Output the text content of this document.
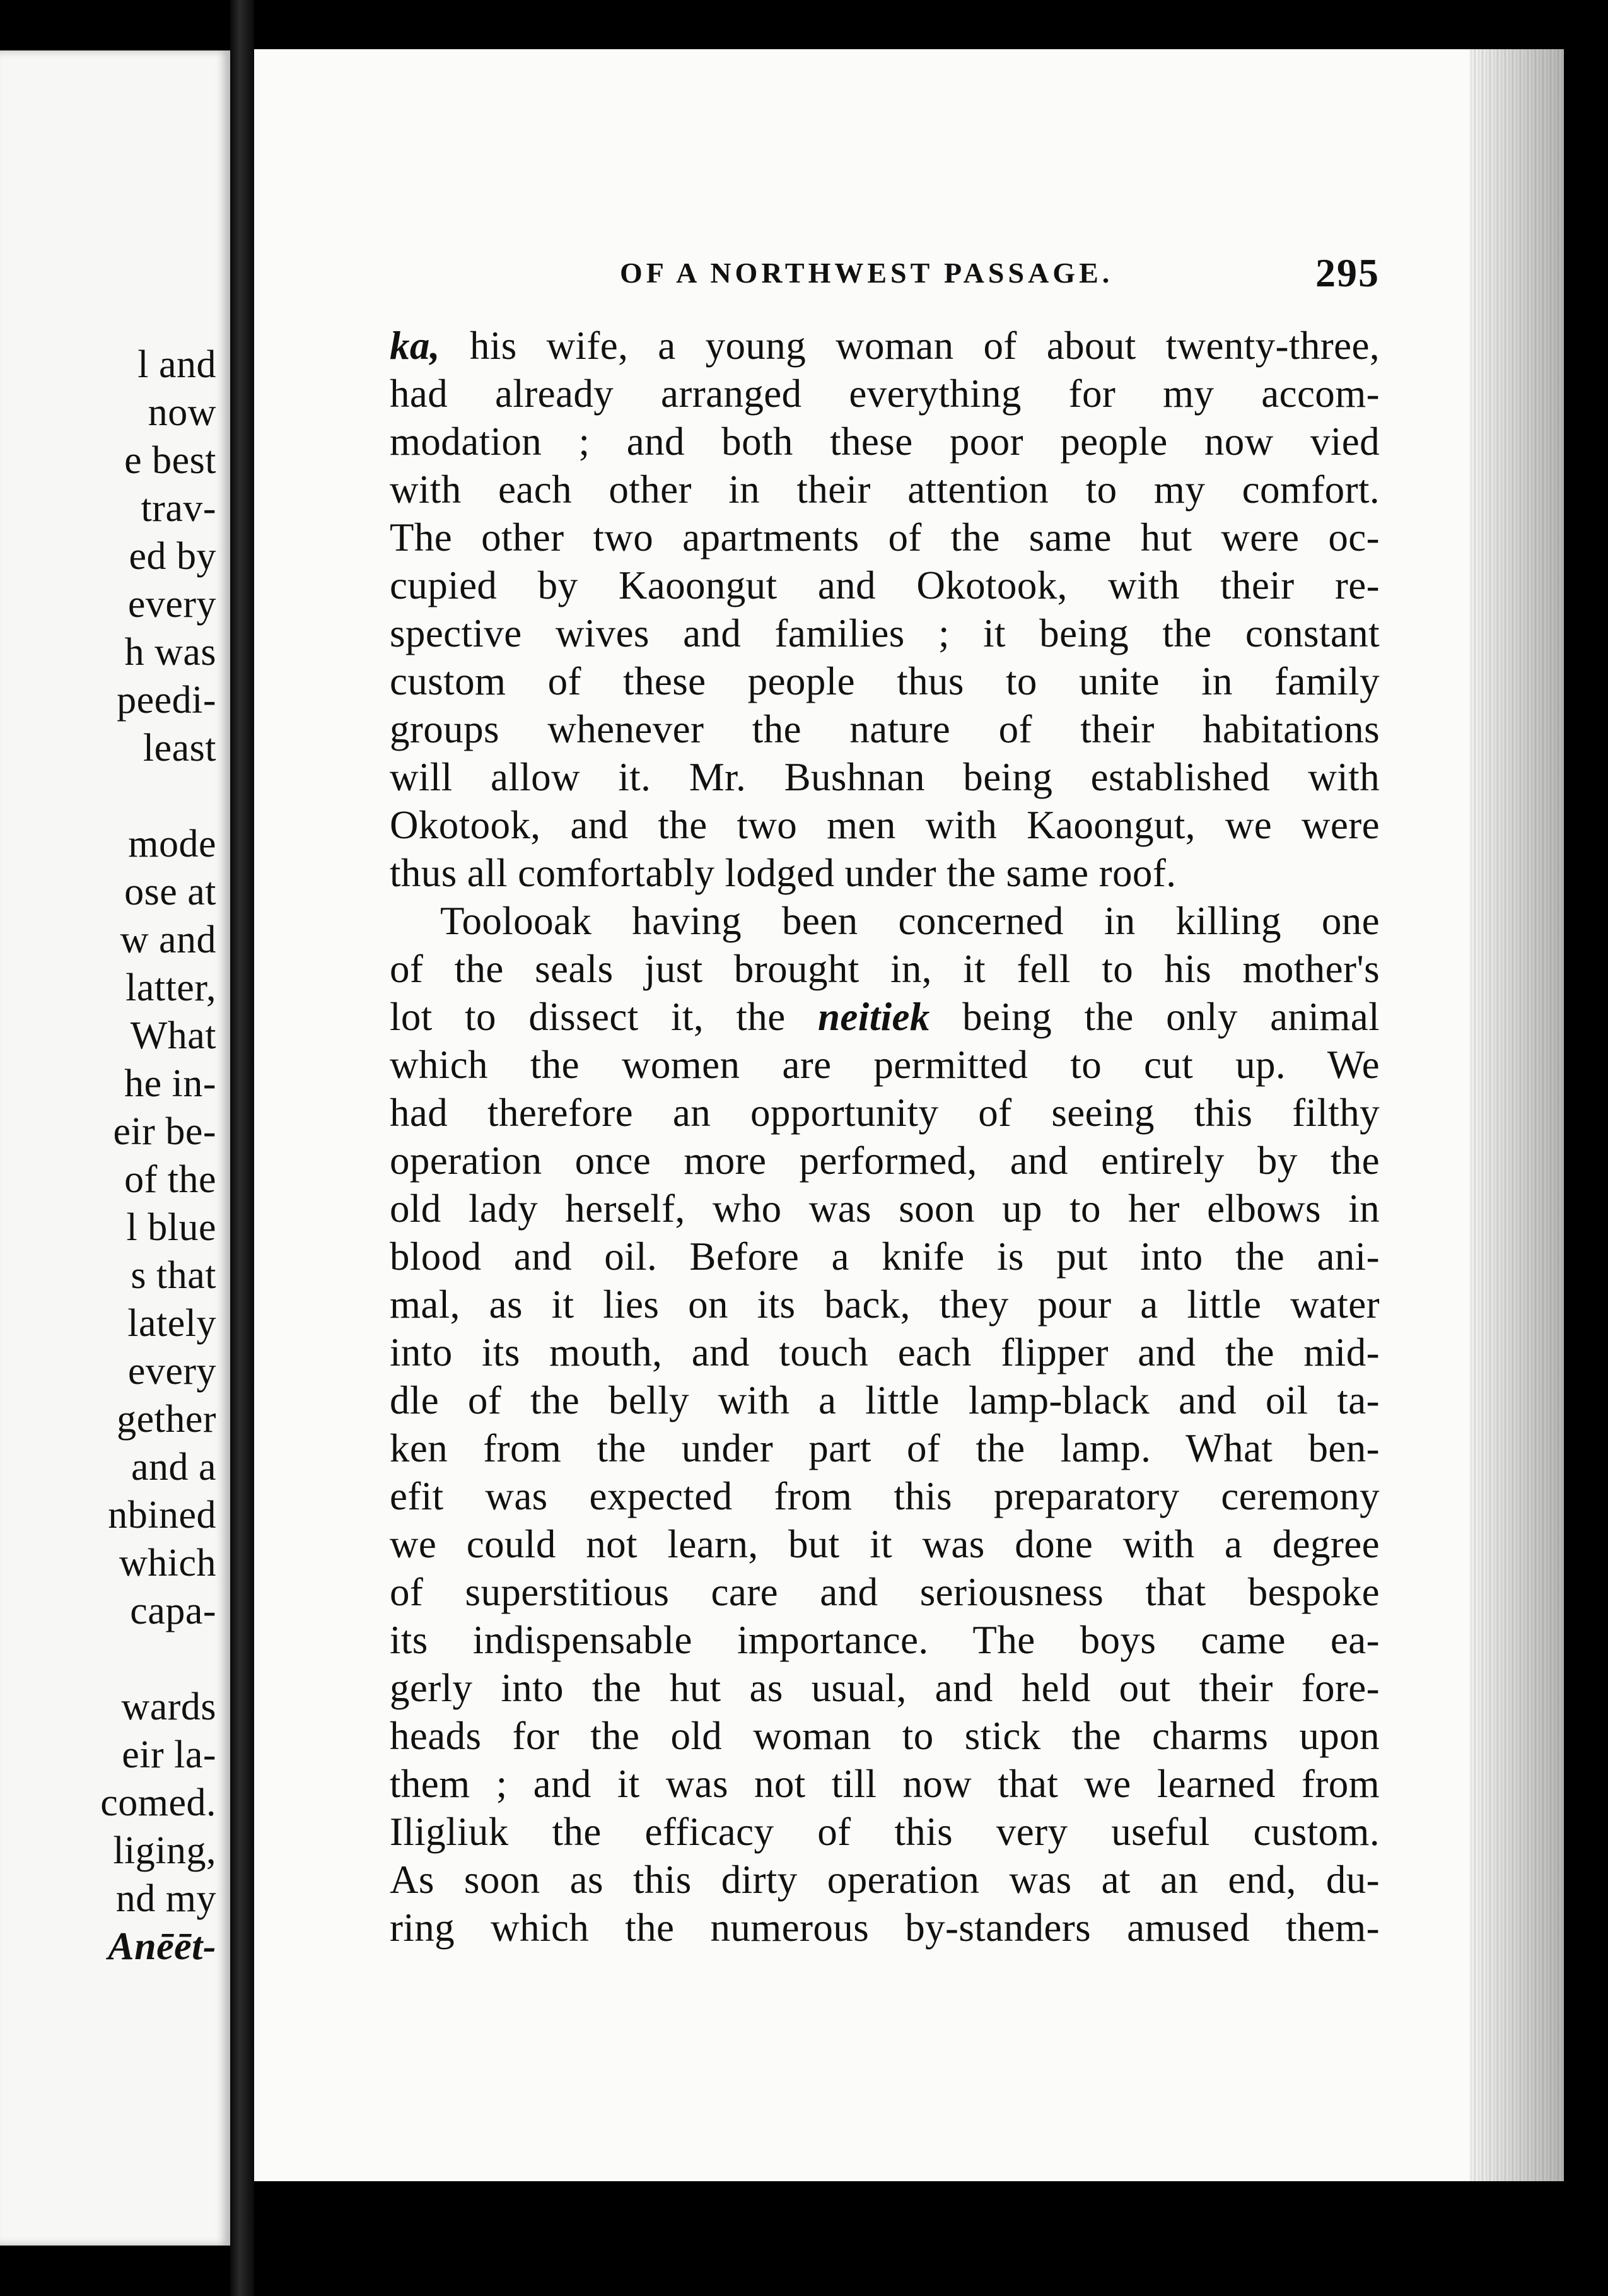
l and
now
e best
trav-
ed by
every
h was
peedi-
least
mode
ose at
w and
latter,
What
he in-
eir be-
of the
l blue
s that
lately
every
gether
and a
nbined
which
capa-
wards
eir la-
comed.
liging,
nd my
Anēēt-
OF A NORTHWEST PASSAGE.	295
ka, his wife, a young woman of about twenty-three,
had already arranged everything for my accom-
modation ; and both these poor people now vied
with each other in their attention to my comfort.
The other two apartments of the same hut were oc-
cupied by Kaoongut and Okotook, with their re-
spective wives and families ; it being the constant
custom of these people thus to unite in family
groups whenever the nature of their habitations
will allow it. Mr. Bushnan being established with
Okotook, and the two men with Kaoongut, we were
thus all comfortably lodged under the same roof.
Toolooak having been concerned in killing one
of the seals just brought in, it fell to his mother's
lot to dissect it, the neitiek being the only animal
which the women are permitted to cut up. We
had therefore an opportunity of seeing this filthy
operation once more performed, and entirely by the
old lady herself, who was soon up to her elbows in
blood and oil. Before a knife is put into the ani-
mal, as it lies on its back, they pour a little water
into its mouth, and touch each flipper and the mid-
dle of the belly with a little lamp-black and oil ta-
ken from the under part of the lamp. What ben-
efit was expected from this preparatory ceremony
we could not learn, but it was done with a degree
of superstitious care and seriousness that bespoke
its indispensable importance. The boys came ea-
gerly into the hut as usual, and held out their fore-
heads for the old woman to stick the charms upon
them ; and it was not till now that we learned from
Iligliuk the efficacy of this very useful custom.
As soon as this dirty operation was at an end, du-
ring which the numerous by-standers amused them-
